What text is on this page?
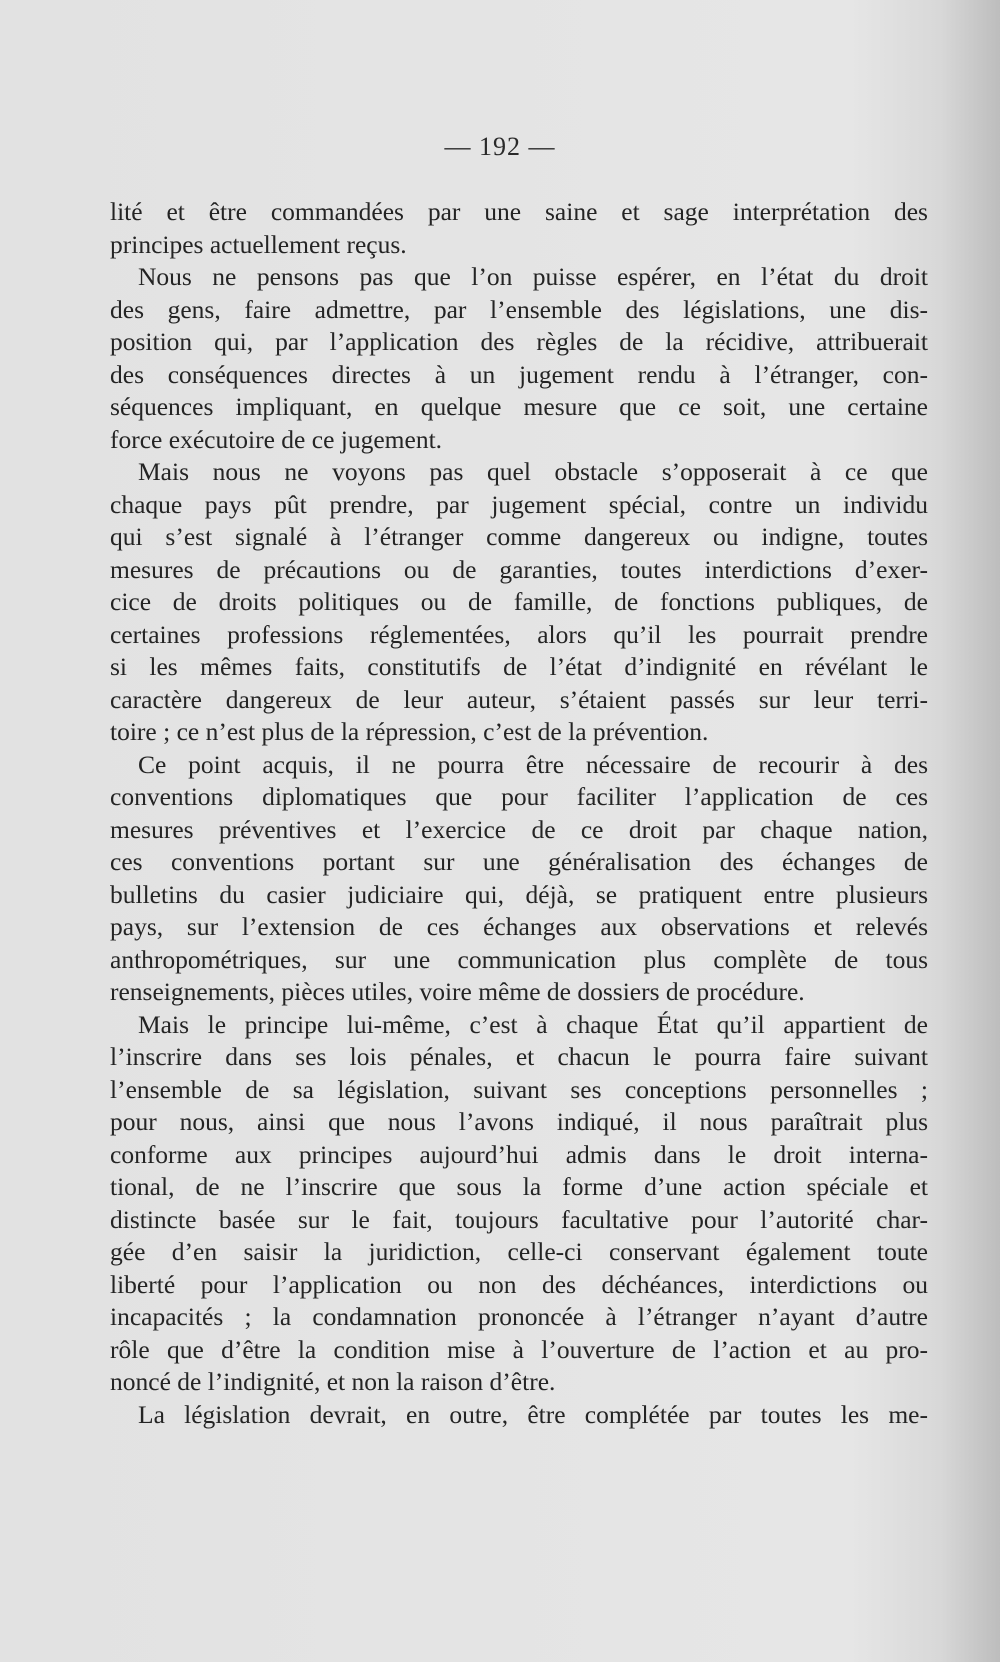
— 192 —
lité et être commandées par une saine et sage interprétation des
principes actuellement reçus.
Nous ne pensons pas que l’on puisse espérer, en l’état du droit
des gens, faire admettre, par l’ensemble des législations, une dis-
position qui, par l’application des règles de la récidive, attribuerait
des conséquences directes à un jugement rendu à l’étranger, con-
séquences impliquant, en quelque mesure que ce soit, une certaine
force exécutoire de ce jugement.
Mais nous ne voyons pas quel obstacle s’opposerait à ce que
chaque pays pût prendre, par jugement spécial, contre un individu
qui s’est signalé à l’étranger comme dangereux ou indigne, toutes
mesures de précautions ou de garanties, toutes interdictions d’exer-
cice de droits politiques ou de famille, de fonctions publiques, de
certaines professions réglementées, alors qu’il les pourrait prendre
si les mêmes faits, constitutifs de l’état d’indignité en révélant le
caractère dangereux de leur auteur, s’étaient passés sur leur terri-
toire ; ce n’est plus de la répression, c’est de la prévention.
Ce point acquis, il ne pourra être nécessaire de recourir à des
conventions diplomatiques que pour faciliter l’application de ces
mesures préventives et l’exercice de ce droit par chaque nation,
ces conventions portant sur une généralisation des échanges de
bulletins du casier judiciaire qui, déjà, se pratiquent entre plusieurs
pays, sur l’extension de ces échanges aux observations et relevés
anthropométriques, sur une communication plus complète de tous
renseignements, pièces utiles, voire même de dossiers de procédure.
Mais le principe lui-même, c’est à chaque État qu’il appartient de
l’inscrire dans ses lois pénales, et chacun le pourra faire suivant
l’ensemble de sa législation, suivant ses conceptions personnelles ;
pour nous, ainsi que nous l’avons indiqué, il nous paraîtrait plus
conforme aux principes aujourd’hui admis dans le droit interna-
tional, de ne l’inscrire que sous la forme d’une action spéciale et
distincte basée sur le fait, toujours facultative pour l’autorité char-
gée d’en saisir la juridiction, celle-ci conservant également toute
liberté pour l’application ou non des déchéances, interdictions ou
incapacités ; la condamnation prononcée à l’étranger n’ayant d’autre
rôle que d’être la condition mise à l’ouverture de l’action et au pro-
noncé de l’indignité, et non la raison d’être.
La législation devrait, en outre, être complétée par toutes les me-
